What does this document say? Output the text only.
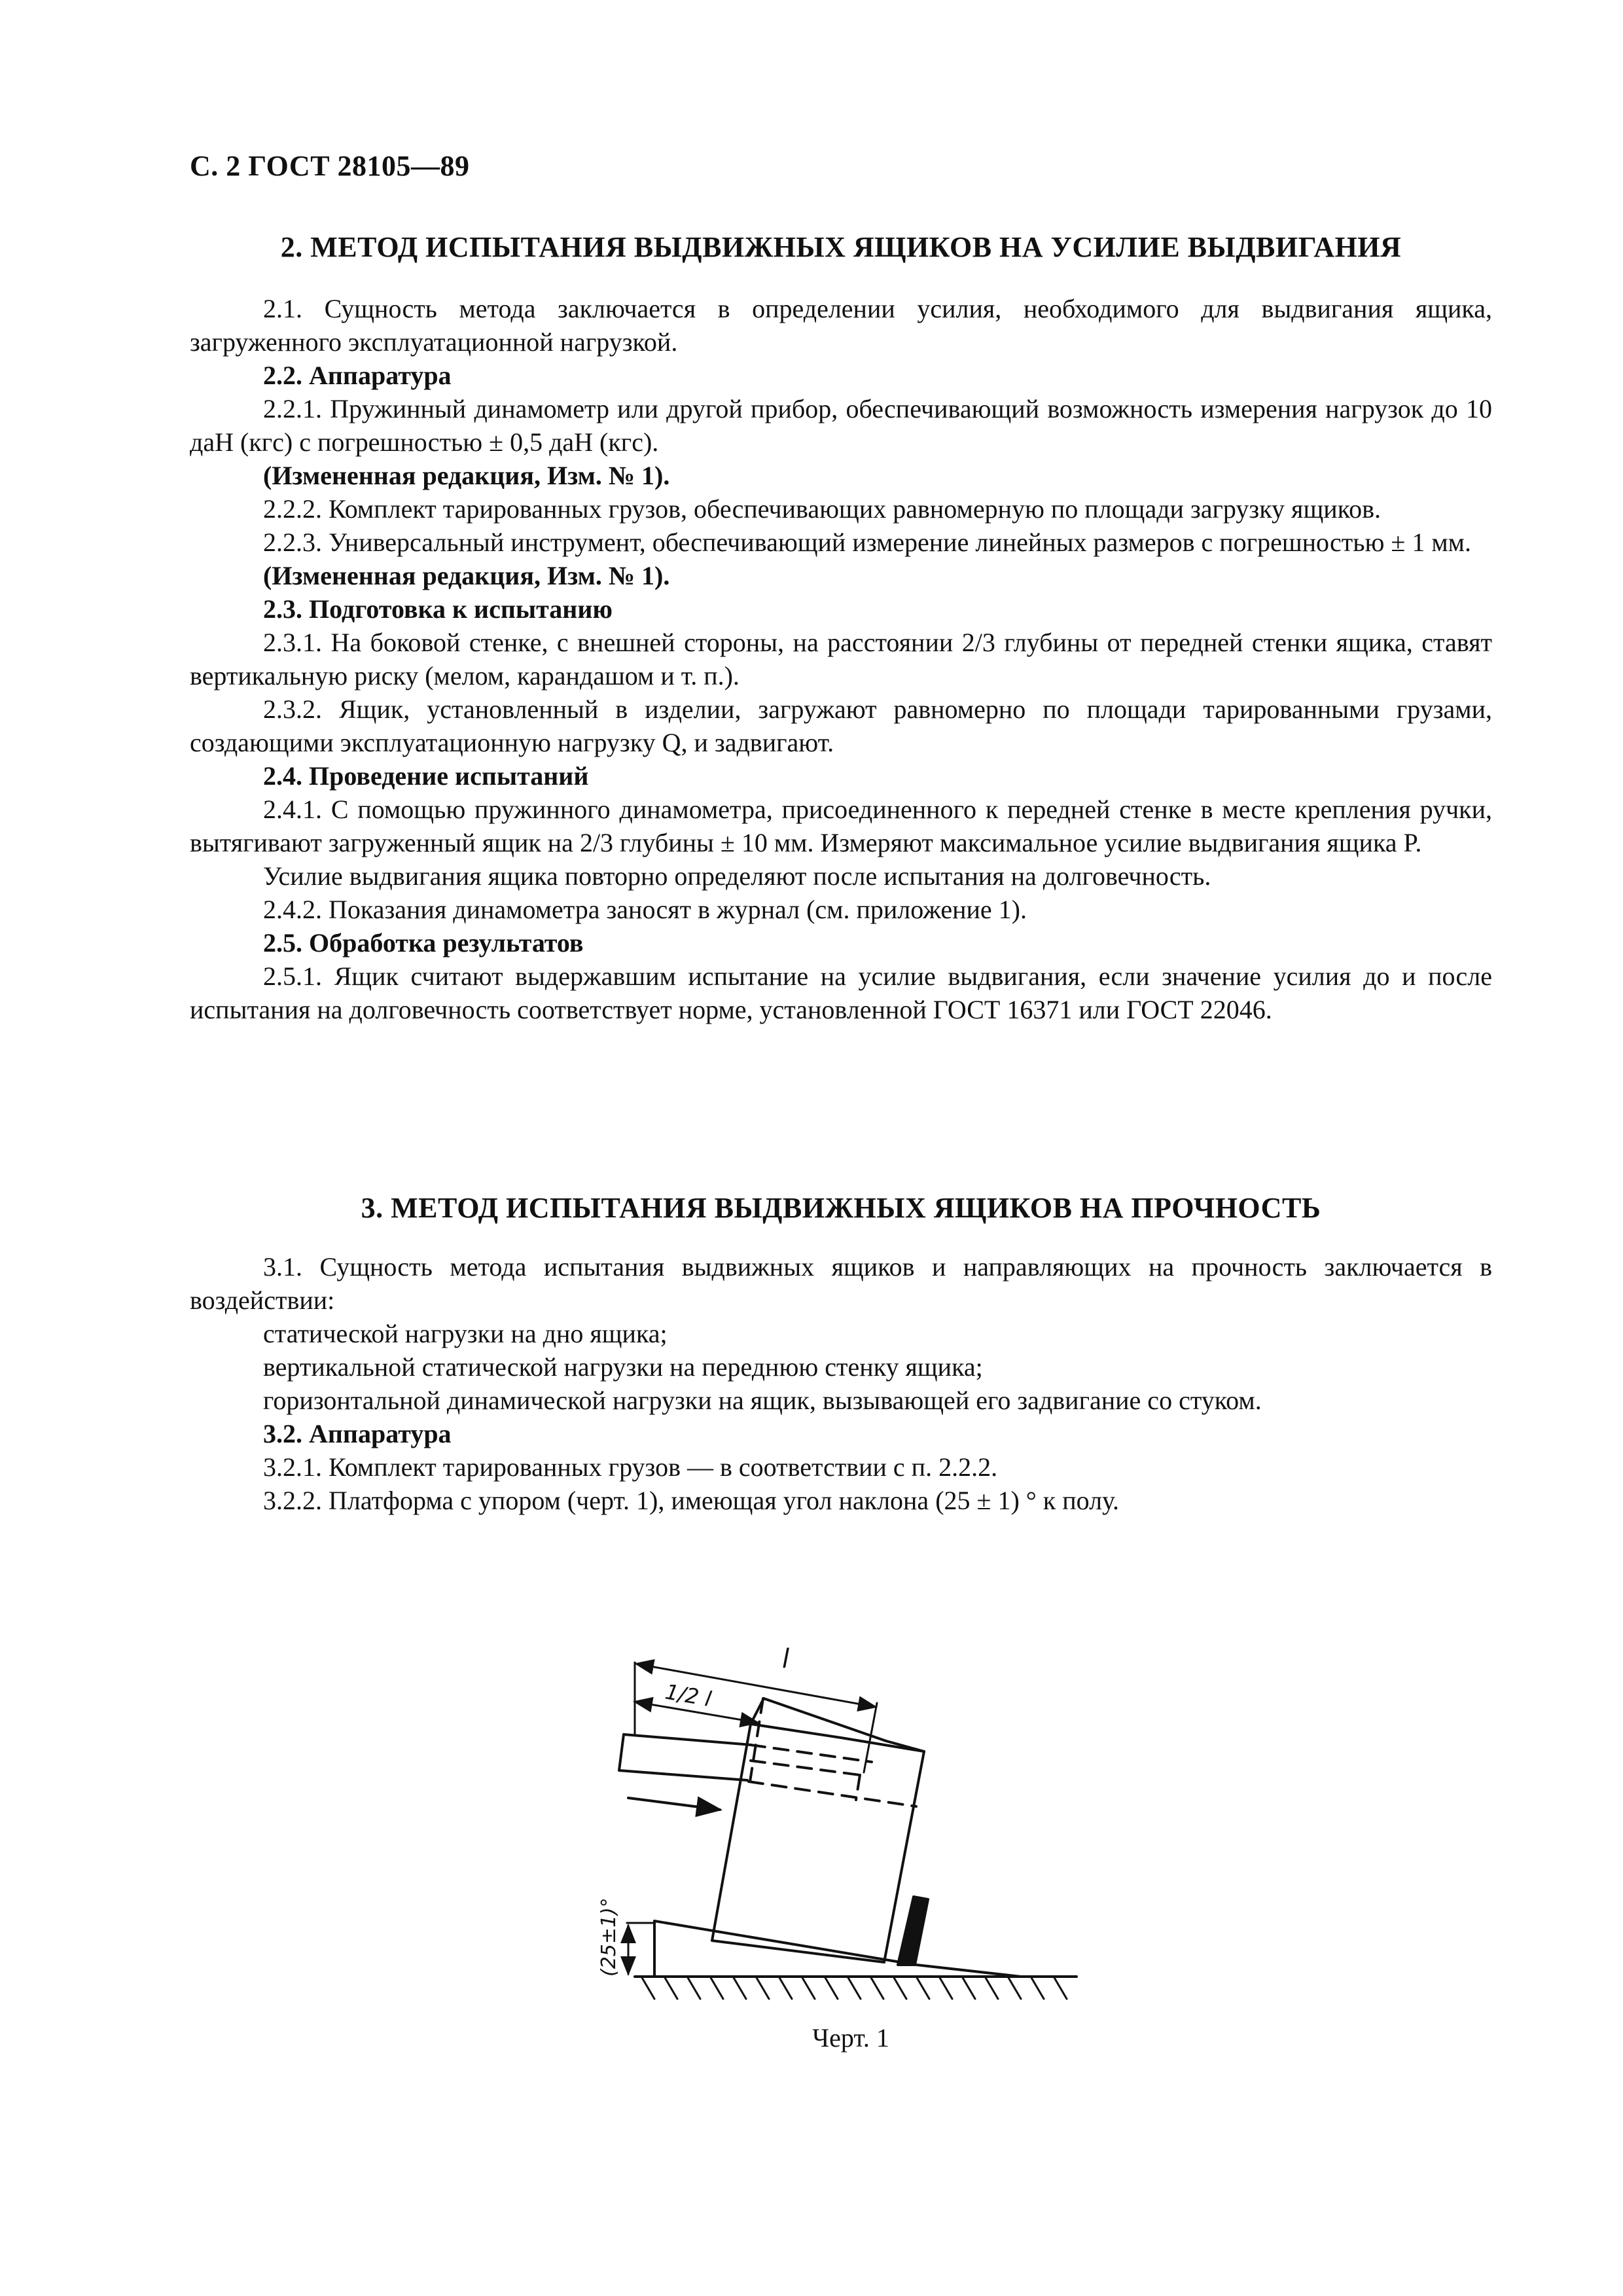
С. 2 ГОСТ 28105—89
2. МЕТОД ИСПЫТАНИЯ ВЫДВИЖНЫХ ЯЩИКОВ НА УСИЛИЕ ВЫДВИГАНИЯ

2.1. Сущность метода заключается в определении усилия, необходимого для выдвигания ящика, загруженного эксплуатационной нагрузкой.

2.2. Аппаратура

2.2.1. Пружинный динамометр или другой прибор, обеспечивающий возможность измерения нагрузок до 10 даН (кгс) с погрешностью ± 0,5 даН (кгс).

(Измененная редакция, Изм. № 1).

2.2.2. Комплект тарированных грузов, обеспечивающих равномерную по площади загрузку ящиков.

2.2.3. Универсальный инструмент, обеспечивающий измерение линейных размеров с погрешностью ± 1 мм.

(Измененная редакция, Изм. № 1).

2.3. Подготовка к испытанию

2.3.1. На боковой стенке, с внешней стороны, на расстоянии 2/3 глубины от передней стенки ящика, ставят вертикальную риску (мелом, карандашом и т. п.).

2.3.2. Ящик, установленный в изделии, загружают равномерно по площади тарированными грузами, создающими эксплуатационную нагрузку Q, и задвигают.

2.4. Проведение испытаний

2.4.1. С помощью пружинного динамометра, присоединенного к передней стенке в месте крепления ручки, вытягивают загруженный ящик на 2/3 глубины ± 10 мм. Измеряют максимальное усилие выдвигания ящика P.

Усилие выдвигания ящика повторно определяют после испытания на долговечность.

2.4.2. Показания динамометра заносят в журнал (см. приложение 1).

2.5. Обработка результатов

2.5.1. Ящик считают выдержавшим испытание на усилие выдвигания, если значение усилия до и после испытания на долговечность соответствует норме, установленной ГОСТ 16371 или ГОСТ 22046.

3. МЕТОД ИСПЫТАНИЯ ВЫДВИЖНЫХ ЯЩИКОВ НА ПРОЧНОСТЬ

3.1. Сущность метода испытания выдвижных ящиков и направляющих на прочность заключается в воздействии:

статической нагрузки на дно ящика;

вертикальной статической нагрузки на переднюю стенку ящика;

горизонтальной динамической нагрузки на ящик, вызывающей его задвигание со стуком.

3.2. Аппаратура

3.2.1. Комплект тарированных грузов — в соответствии с п. 2.2.2.

3.2.2. Платформа с упором (черт. 1), имеющая угол наклона (25 ± 1) ° к полу.

l
1/2 l
(25±1)°
Черт. 1
